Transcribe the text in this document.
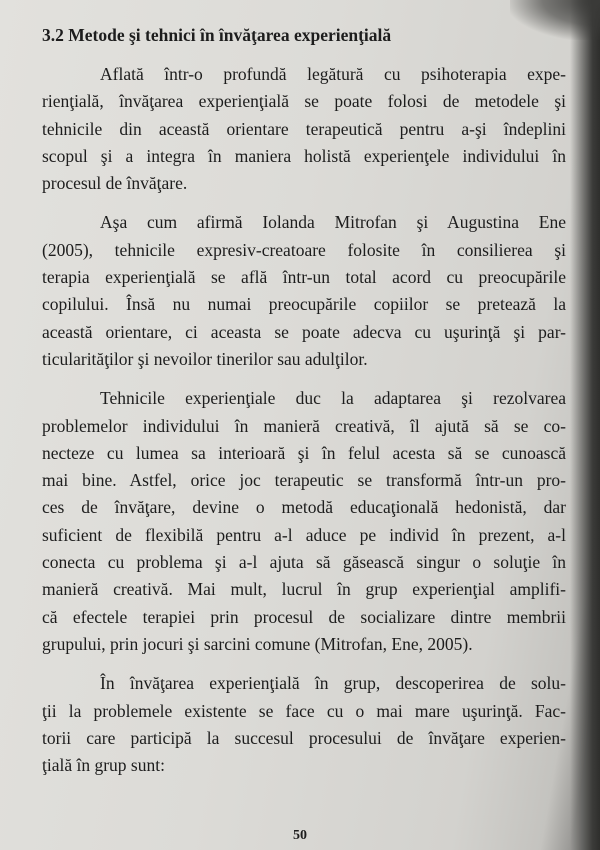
3.2 Metode şi tehnici în învăţarea experienţială
Aflată într-o profundă legătură cu psihoterapia expe-
rienţială, învăţarea experienţială se poate folosi de metodele şi
tehnicile din această orientare terapeutică pentru a-şi îndeplini
scopul şi a integra în maniera holistă experienţele individului în
procesul de învăţare.
Aşa cum afirmă Iolanda Mitrofan şi Augustina Ene
(2005), tehnicile expresiv-creatoare folosite în consilierea şi
terapia experienţială se află într-un total acord cu preocupările
copilului. Însă nu numai preocupările copiilor se pretează la
această orientare, ci aceasta se poate adecva cu uşurinţă şi par-
ticularităţilor şi nevoilor tinerilor sau adulţilor.
Tehnicile experienţiale duc la adaptarea şi rezolvarea
problemelor individului în manieră creativă, îl ajută să se co-
necteze cu lumea sa interioară şi în felul acesta să se cunoască
mai bine. Astfel, orice joc terapeutic se transformă într-un pro-
ces de învăţare, devine o metodă educaţională hedonistă, dar
suficient de flexibilă pentru a-l aduce pe individ în prezent, a-l
conecta cu problema şi a-l ajuta să găsească singur o soluţie în
manieră creativă. Mai mult, lucrul în grup experienţial amplifi-
că efectele terapiei prin procesul de socializare dintre membrii
grupului, prin jocuri şi sarcini comune (Mitrofan, Ene, 2005).
În învăţarea experienţială în grup, descoperirea de solu-
ţii la problemele existente se face cu o mai mare uşurinţă. Fac-
torii care participă la succesul procesului de învăţare experien-
ţială în grup sunt:
50
